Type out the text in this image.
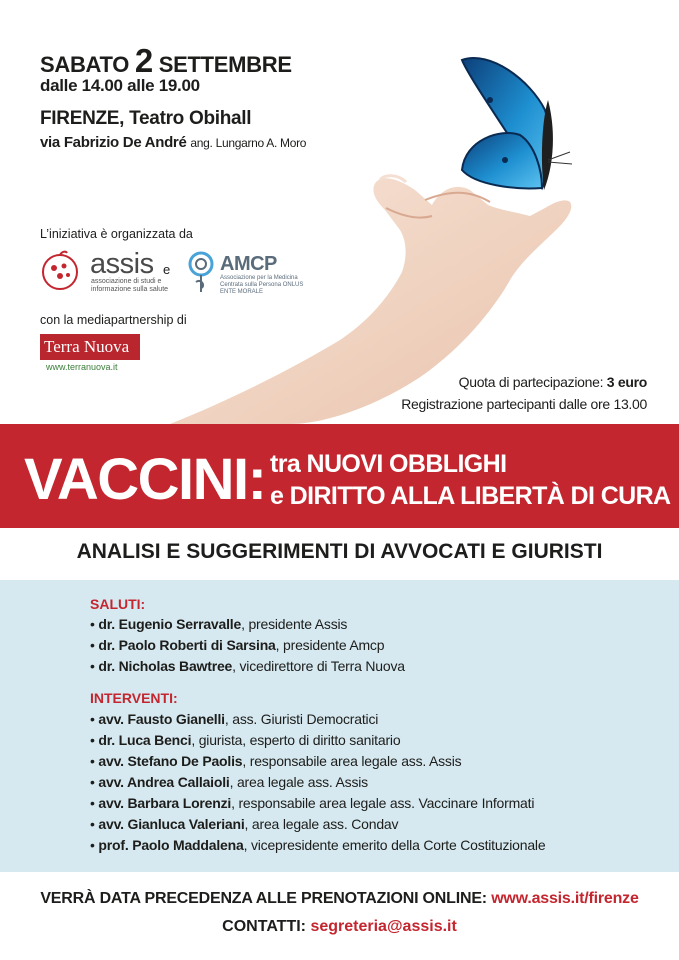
SABATO 2 SETTEMBRE
dalle 14.00 alle 19.00
FIRENZE, Teatro Obihall
via Fabrizio De André ang. Lungarno A. Moro
L’iniziativa è organizzata da
assis
associazione di studi e informazione sulla salute
e AMCP
Associazione per la Medicina Centrata sulla Persona ONLUS ENTE MORALE
con la mediapartnership di
Terra Nuova
www.terranuova.it
Quota di partecipazione: 3 euro
Registrazione partecipanti dalle ore 13.00
VACCINI: tra NUOVI OBBLIGHI
e DIRITTO ALLA LIBERTÀ DI CURA
ANALISI E SUGGERIMENTI DI AVVOCATI E GIURISTI
SALUTI:
• dr. Eugenio Serravalle, presidente Assis
• dr. Paolo Roberti di Sarsina, presidente Amcp
• dr. Nicholas Bawtree, vicedirettore di Terra Nuova
INTERVENTI:
• avv. Fausto Gianelli, ass. Giuristi Democratici
• dr. Luca Benci, giurista, esperto di diritto sanitario
• avv. Stefano De Paolis, responsabile area legale ass. Assis
• avv. Andrea Callaioli, area legale ass. Assis
• avv. Barbara Lorenzi, responsabile area legale ass. Vaccinare Informati
• avv. Gianluca Valeriani, area legale ass. Condav
• prof. Paolo Maddalena, vicepresidente emerito della Corte Costituzionale
VERRÀ DATA PRECEDENZA ALLE PRENOTAZIONI ONLINE: www.assis.it/firenze
CONTATTI: segreteria@assis.it
